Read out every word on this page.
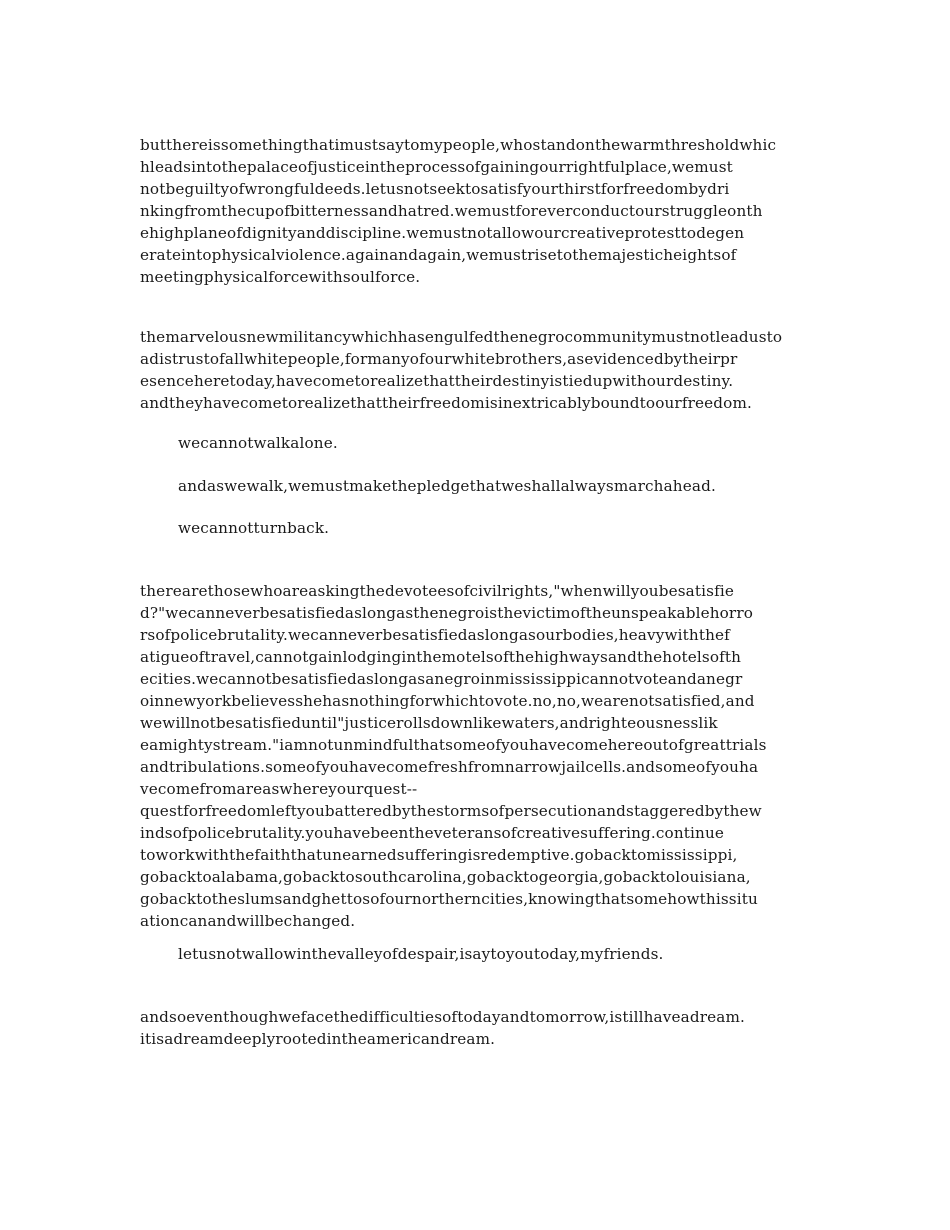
butthereissomethingthatimustsaytomypeople,whostandonthewarmthresholdwhic
hleadsintothepalaceofjusticeintheprocessofgainingourrightfulplace,wemust
notbeguiltyofwrongfuldeeds.letusnotseektosatisfyourthirstforfreedombydri
nkingfromthecupofbitternessandhatred.wemustforeverconductourstruggleonth
ehighplaneofdignityanddiscipline.wemustnotallowourcreativeprotesttodegen
erateintophysicalviolence.againandagain,wemustrisetothemajesticheightsof
meetingphysicalforcewithsoulforce.
themarvelousnewmilitancywhichhasengulfedthenegrocommunitymustnotleadusto
adistrustofallwhitepeople,formanyofourwhitebrothers,asevidencedbytheirpr
esenceheretoday,havecometorealizethattheirdestinyistiedupwithourdestiny.
andtheyhavecometorealizethattheirfreedomisinextricablyboundtoourfreedom.
wecannotwalkalone.
andaswewalk,wemustmakethepledgethatweshallalwaysmarchahead.
wecannotturnback.
therearethosewhoareaskingthedevoteesofcivilrights,"whenwillyoubesatisfie
d?"wecanneverbesatisfiedaslongasthenegroisthevictimoftheunspeakablehorro
rsofpolicebrutality.wecanneverbesatisfiedaslongasourbodies,heavywiththef
atigueoftravel,cannotgainlodginginthemotelsofthehighwaysandthehotelsofth
ecities.wecannotbesatisfiedaslongasanegroinmississippicannotvoteandanegr
oinnewyorkbelievesshehasnothingforwhichtovote.no,no,wearenotsatisfied,and
wewillnotbesatisfieduntil"justicerollsdownlikewaters,andrighteousnesslik
eamightystream."iamnotunmindfulthatsomeofyouhavecomehereoutofgreattrials
andtribulations.someofyouhavecomefreshfromnarrowjailcells.andsomeofyouha
vecomefromareaswhereyourquest--
questforfreedomleftyoubatteredbythestormsofpersecutionandstaggeredbythew
indsofpolicebrutality.youhavebeentheveteransofcreativesuffering.continue
toworkwiththefaiththatunearnedsufferingisredemptive.gobacktomississippi,
gobacktoalabama,gobacktosouthcarolina,gobacktogeorgia,gobacktolouisiana,
gobacktotheslumsandghettosofournortherncities,knowingthatsomehowthissitu
ationcanandwillbechanged.
letusnotwallowinthevalleyofdespair,isaytoyoutoday,myfriends.
andsoeventhoughwefacethedifficultiesoftodayandtomorrow,istillhaveadream.
itisadreamdeeplyrootedintheamericandream.
